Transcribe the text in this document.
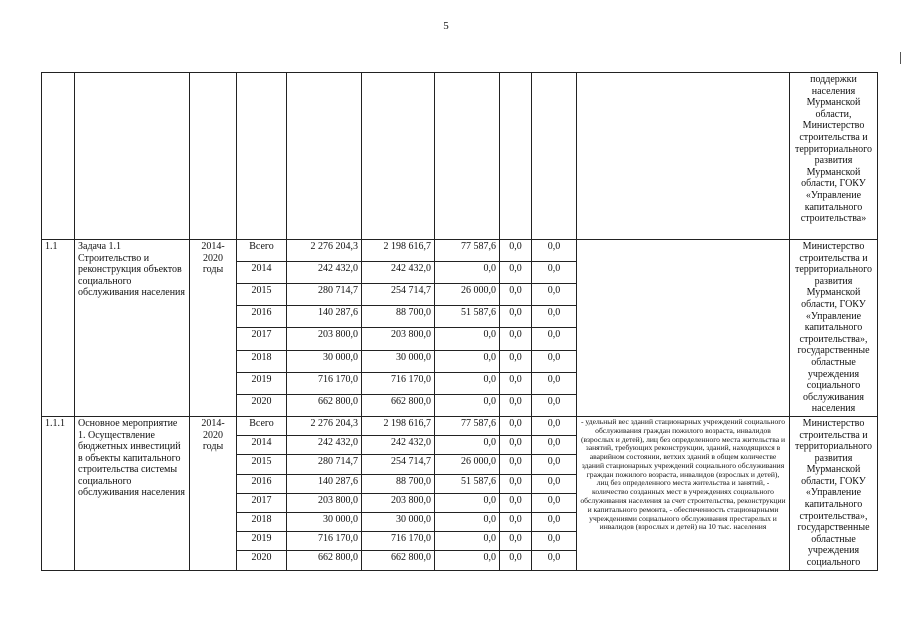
5
										поддержки населения Мурманской области, Министерство строительства и территориального развития Мурманской области, ГОКУ «Управление капитального строительства»
1.1	Задача 1.1 Строительство и реконструкция объектов социального обслуживания населения	2014-2020 годы	Всего	2 276 204,3	2 198 616,7	77 587,6	0,0	0,0		Министерство строительства и территориального развития Мурманской области, ГОКУ «Управление капитального строительства», государственные областные учреждения социального обслуживания населения
			2014	242 432,0	242 432,0	0,0	0,0	0,0		
			2015	280 714,7	254 714,7	26 000,0	0,0	0,0		
			2016	140 287,6	88 700,0	51 587,6	0,0	0,0		
			2017	203 800,0	203 800,0	0,0	0,0	0,0		
			2018	30 000,0	30 000,0	0,0	0,0	0,0		
			2019	716 170,0	716 170,0	0,0	0,0	0,0		
			2020	662 800,0	662 800,0	0,0	0,0	0,0		
1.1.1	Основное мероприятие 1. Осуществление бюджетных инвестиций в объекты капитального строительства системы социального обслуживания населения	2014-2020 годы	Всего	2 276 204,3	2 198 616,7	77 587,6	0,0	0,0	- удельный вес зданий стационарных учреждений социального обслуживания граждан пожилого возраста, инвалидов (взрослых и детей), лиц без определенного места жительства и занятий, требующих реконструкции, зданий, находящихся в аварийном состоянии, ветхих зданий в общем количестве зданий стационарных учреждений социального обслуживания граждан пожилого возраста, инвалидов (взрослых и детей), лиц без определенного места жительства и занятий, - количество созданных мест в учреждениях социального обслуживания населения за счет строительства, реконструкции и капитального ремонта, - обеспеченность стационарными учреждениями социального обслуживания престарелых и инвалидов (взрослых и детей) на 10 тыс. населения	Министерство строительства и территориального развития Мурманской области, ГОКУ «Управление капитального строительства», государственные областные учреждения социального
			2014	242 432,0	242 432,0	0,0	0,0	0,0		
			2015	280 714,7	254 714,7	26 000,0	0,0	0,0		
			2016	140 287,6	88 700,0	51 587,6	0,0	0,0		
			2017	203 800,0	203 800,0	0,0	0,0	0,0		
			2018	30 000,0	30 000,0	0,0	0,0	0,0		
			2019	716 170,0	716 170,0	0,0	0,0	0,0		
			2020	662 800,0	662 800,0	0,0	0,0	0,0		
